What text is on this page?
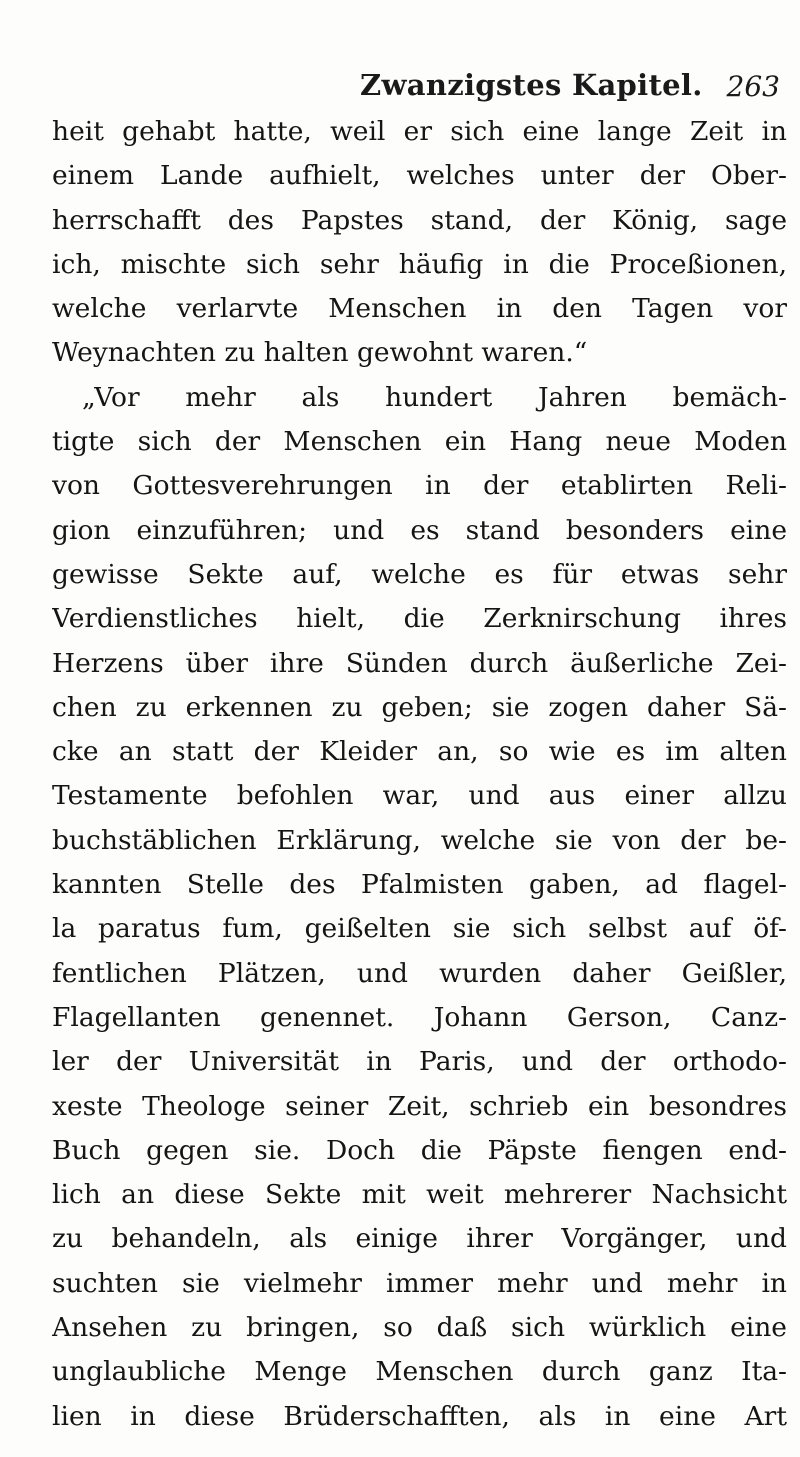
Zwanzigstes Kapitel. 263
heit gehabt hatte, weil er sich eine lange Zeit in
einem Lande aufhielt, welches unter der Ober-
herrschafft des Papstes stand, der König, sage
ich, mischte sich sehr häufig in die Proceßionen,
welche verlarvte Menschen in den Tagen vor
Weynachten zu halten gewohnt waren.“
„Vor mehr als hundert Jahren bemäch-
tigte sich der Menschen ein Hang neue Moden
von Gottesverehrungen in der etablirten Reli-
gion einzuführen; und es stand besonders eine
gewisse Sekte auf, welche es für etwas sehr
Verdienstliches hielt, die Zerknirschung ihres
Herzens über ihre Sünden durch äußerliche Zei-
chen zu erkennen zu geben; sie zogen daher Sä-
cke an statt der Kleider an, so wie es im alten
Testamente befohlen war, und aus einer allzu
buchstäblichen Erklärung, welche sie von der be-
kannten Stelle des Pfalmisten gaben, ad flagel-
la paratus fum, geißelten sie sich selbst auf öf-
fentlichen Plätzen, und wurden daher Geißler,
Flagellanten genennet. Johann Gerson, Canz-
ler der Universität in Paris, und der orthodo-
xeste Theologe seiner Zeit, schrieb ein besondres
Buch gegen sie. Doch die Päpste fiengen end-
lich an diese Sekte mit weit mehrerer Nachsicht
zu behandeln, als einige ihrer Vorgänger, und
suchten sie vielmehr immer mehr und mehr in
Ansehen zu bringen, so daß sich würklich eine
unglaubliche Menge Menschen durch ganz Ita-
lien in diese Brüderschafften, als in eine Art
